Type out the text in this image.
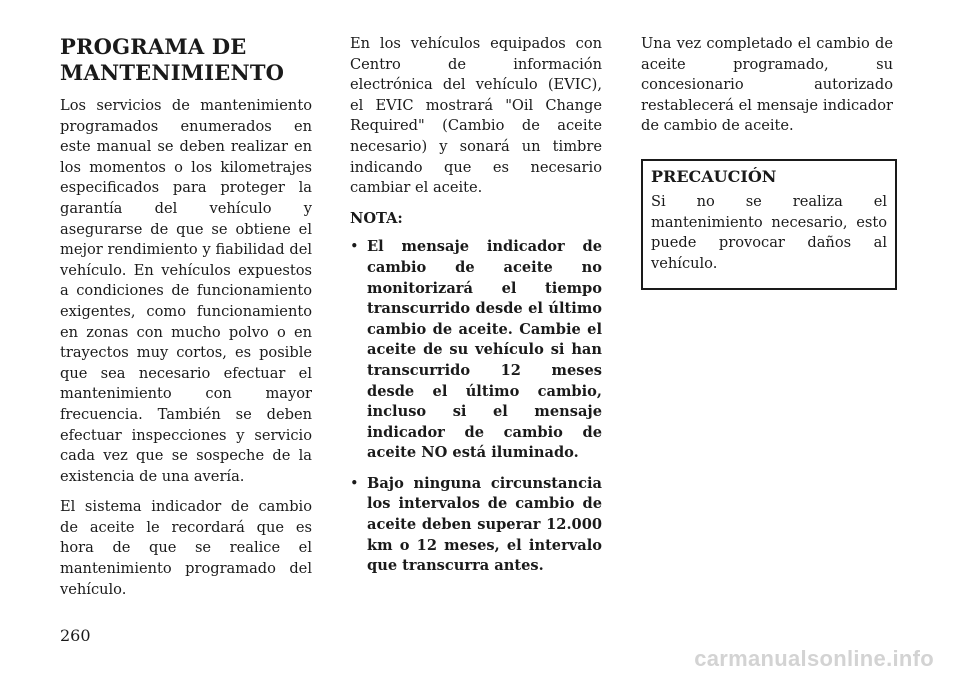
PROGRAMA DE
MANTENIMIENTO

Los servicios de mantenimiento programados enumerados en este manual se deben realizar en los momentos o los kilometrajes especificados para proteger la garantía del vehículo y asegurarse de que se obtiene el mejor rendimiento y fiabilidad del vehículo. En vehículos expuestos a condiciones de funcionamiento exigentes, como funcionamiento en zonas con mucho polvo o en trayectos muy cortos, es posible que sea necesario efectuar el mantenimiento con mayor frecuencia. También se deben efectuar inspecciones y servicio cada vez que se sospeche de la existencia de una avería.

El sistema indicador de cambio de aceite le recordará que es hora de que se realice el mantenimiento programado del vehículo.

En los vehículos equipados con Centro de información electrónica del vehículo (EVIC), el EVIC mostrará "Oil Change Required" (Cambio de aceite necesario) y sonará un timbre indicando que es necesario cambiar el aceite.

NOTA:
• El mensaje indicador de cambio de aceite no monitorizará el tiempo transcurrido desde el último cambio de aceite. Cambie el aceite de su vehículo si han transcurrido 12 meses desde el último cambio, incluso si el mensaje indicador de cambio de aceite NO está iluminado.
• Bajo ninguna circunstancia los intervalos de cambio de aceite deben superar 12.000 km o 12 meses, el intervalo que transcurra antes.

Una vez completado el cambio de aceite programado, su concesionario autorizado restablecerá el mensaje indicador de cambio de aceite.

PRECAUCIÓN

Si no se realiza el mantenimiento necesario, esto puede provocar daños al vehículo.

260
carmanualsonline.info
